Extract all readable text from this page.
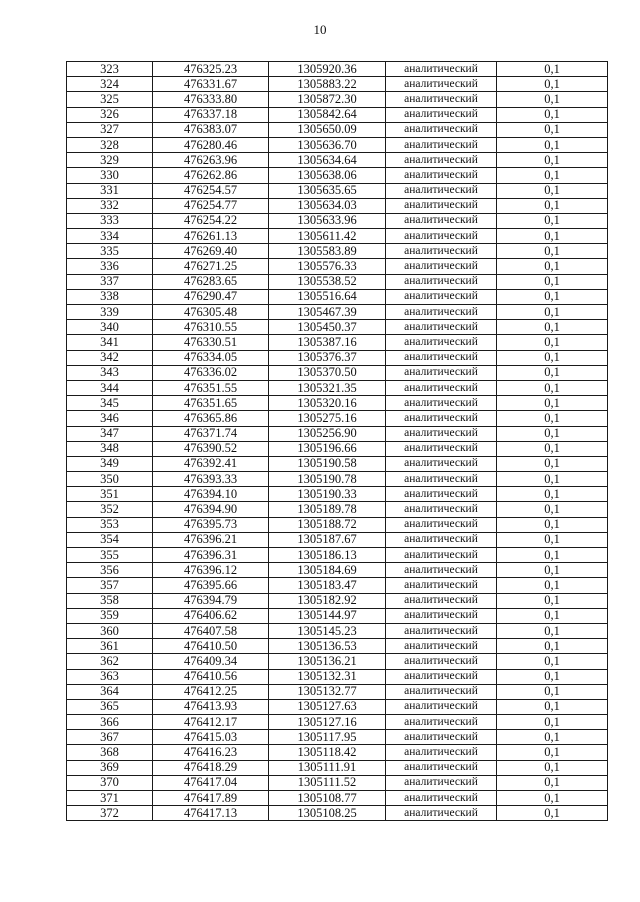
10
323	476325.23	1305920.36	аналитический	0,1
324	476331.67	1305883.22	аналитический	0,1
325	476333.80	1305872.30	аналитический	0,1
326	476337.18	1305842.64	аналитический	0,1
327	476383.07	1305650.09	аналитический	0,1
328	476280.46	1305636.70	аналитический	0,1
329	476263.96	1305634.64	аналитический	0,1
330	476262.86	1305638.06	аналитический	0,1
331	476254.57	1305635.65	аналитический	0,1
332	476254.77	1305634.03	аналитический	0,1
333	476254.22	1305633.96	аналитический	0,1
334	476261.13	1305611.42	аналитический	0,1
335	476269.40	1305583.89	аналитический	0,1
336	476271.25	1305576.33	аналитический	0,1
337	476283.65	1305538.52	аналитический	0,1
338	476290.47	1305516.64	аналитический	0,1
339	476305.48	1305467.39	аналитический	0,1
340	476310.55	1305450.37	аналитический	0,1
341	476330.51	1305387.16	аналитический	0,1
342	476334.05	1305376.37	аналитический	0,1
343	476336.02	1305370.50	аналитический	0,1
344	476351.55	1305321.35	аналитический	0,1
345	476351.65	1305320.16	аналитический	0,1
346	476365.86	1305275.16	аналитический	0,1
347	476371.74	1305256.90	аналитический	0,1
348	476390.52	1305196.66	аналитический	0,1
349	476392.41	1305190.58	аналитический	0,1
350	476393.33	1305190.78	аналитический	0,1
351	476394.10	1305190.33	аналитический	0,1
352	476394.90	1305189.78	аналитический	0,1
353	476395.73	1305188.72	аналитический	0,1
354	476396.21	1305187.67	аналитический	0,1
355	476396.31	1305186.13	аналитический	0,1
356	476396.12	1305184.69	аналитический	0,1
357	476395.66	1305183.47	аналитический	0,1
358	476394.79	1305182.92	аналитический	0,1
359	476406.62	1305144.97	аналитический	0,1
360	476407.58	1305145.23	аналитический	0,1
361	476410.50	1305136.53	аналитический	0,1
362	476409.34	1305136.21	аналитический	0,1
363	476410.56	1305132.31	аналитический	0,1
364	476412.25	1305132.77	аналитический	0,1
365	476413.93	1305127.63	аналитический	0,1
366	476412.17	1305127.16	аналитический	0,1
367	476415.03	1305117.95	аналитический	0,1
368	476416.23	1305118.42	аналитический	0,1
369	476418.29	1305111.91	аналитический	0,1
370	476417.04	1305111.52	аналитический	0,1
371	476417.89	1305108.77	аналитический	0,1
372	476417.13	1305108.25	аналитический	0,1
